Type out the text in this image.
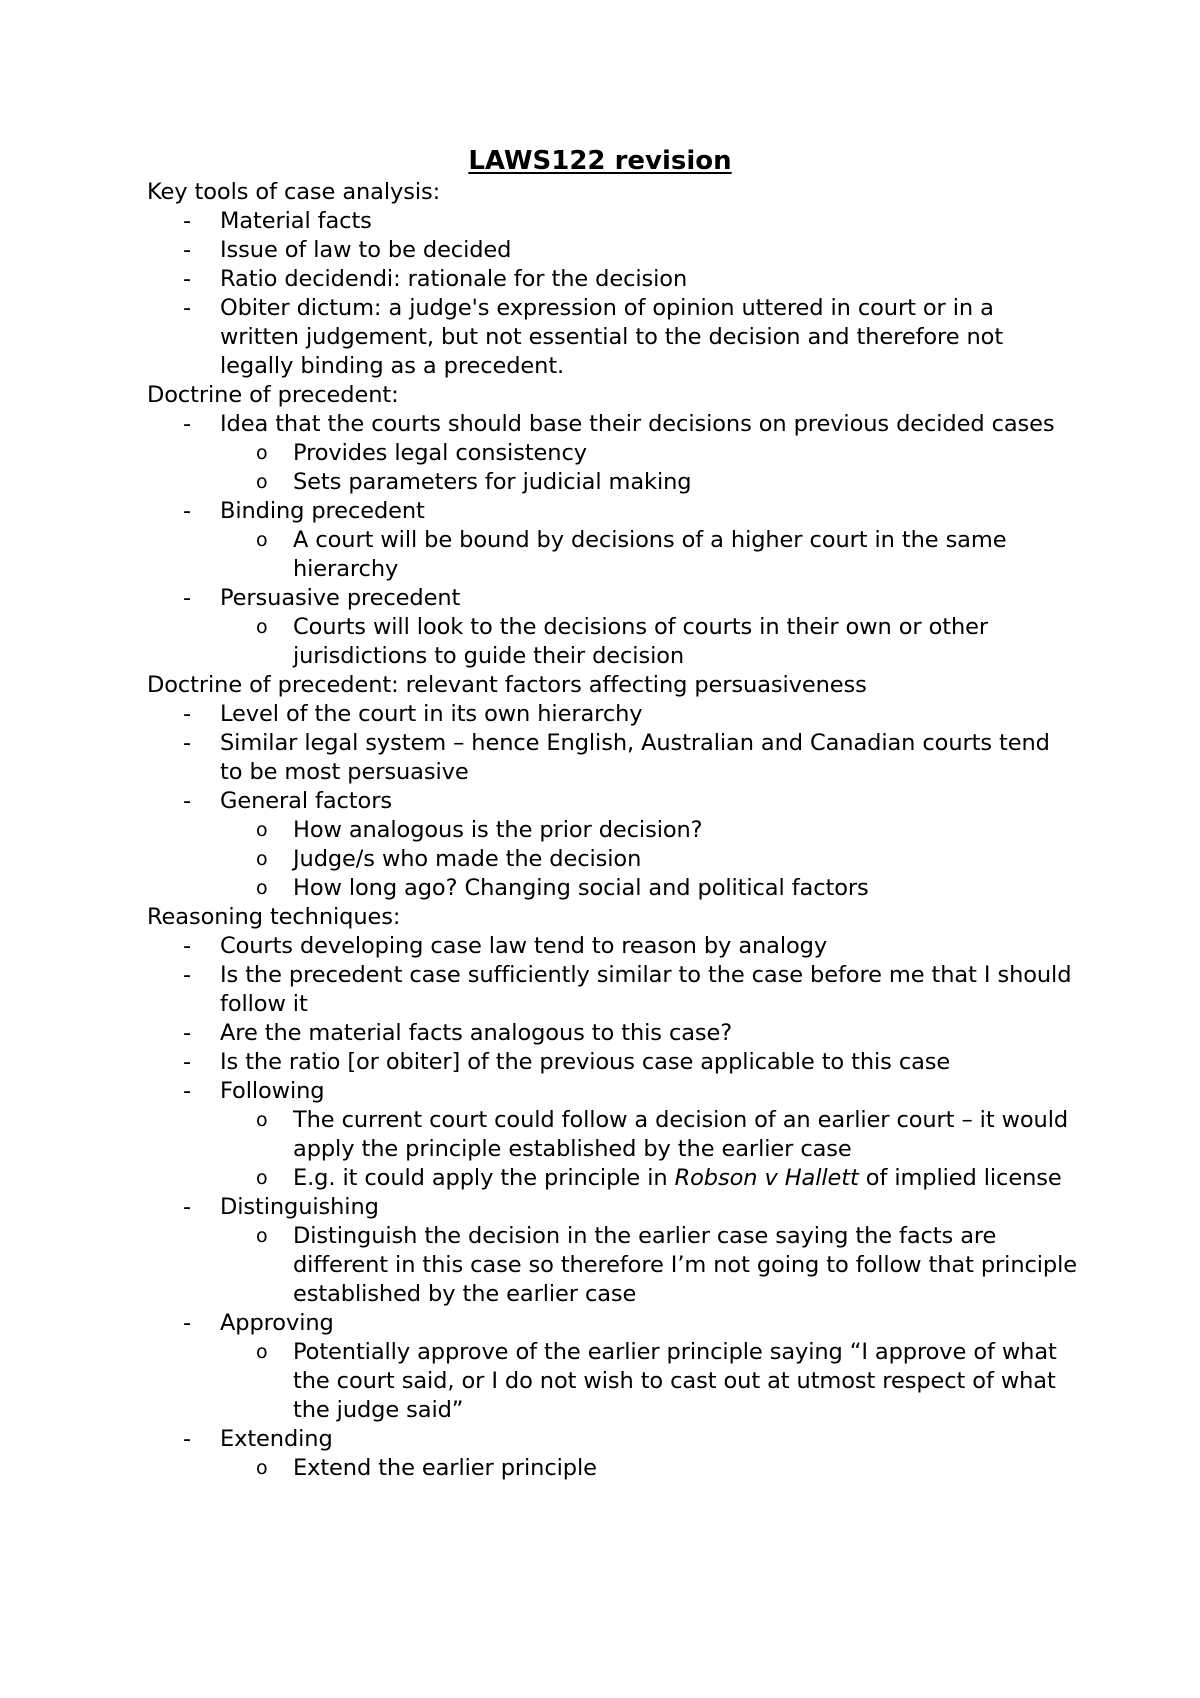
LAWS122 revision
Key tools of case analysis:
- Material facts
- Issue of law to be decided
- Ratio decidendi: rationale for the decision
- Obiter dictum: a judge's expression of opinion uttered in court or in a written judgement, but not essential to the decision and therefore not legally binding as a precedent.
Doctrine of precedent:
- Idea that the courts should base their decisions on previous decided cases
o Provides legal consistency
o Sets parameters for judicial making
- Binding precedent
o A court will be bound by decisions of a higher court in the same hierarchy
- Persuasive precedent
o Courts will look to the decisions of courts in their own or other jurisdictions to guide their decision
Doctrine of precedent: relevant factors affecting persuasiveness
- Level of the court in its own hierarchy
- Similar legal system – hence English, Australian and Canadian courts tend to be most persuasive
- General factors
o How analogous is the prior decision?
o Judge/s who made the decision
o How long ago? Changing social and political factors
Reasoning techniques:
- Courts developing case law tend to reason by analogy
- Is the precedent case sufficiently similar to the case before me that I should follow it
- Are the material facts analogous to this case?
- Is the ratio [or obiter] of the previous case applicable to this case
- Following
o The current court could follow a decision of an earlier court – it would apply the principle established by the earlier case
o E.g. it could apply the principle in Robson v Hallett of implied license
- Distinguishing
o Distinguish the decision in the earlier case saying the facts are different in this case so therefore I’m not going to follow that principle established by the earlier case
- Approving
o Potentially approve of the earlier principle saying “I approve of what the court said, or I do not wish to cast out at utmost respect of what the judge said”
- Extending
o Extend the earlier principle
